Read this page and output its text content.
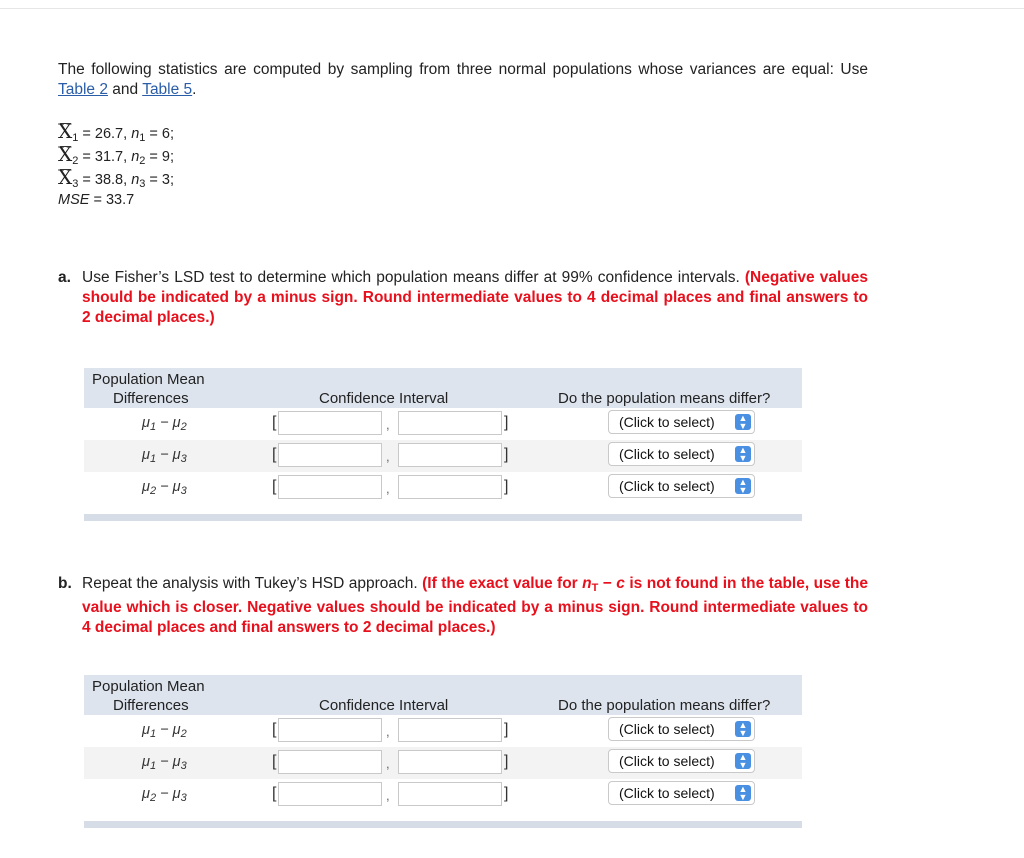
The following statistics are computed by sampling from three normal populations whose variances are equal: Use Table 2 and Table 5.
$X_1 = 26.7$, $n_1 = 6$;
$X_2 = 31.7$, $n_2 = 9$;
$X_3 = 38.8$, $n_3 = 3$;
MSE = 33.7
a. Use Fisher’s LSD test to determine which population means differ at 99% confidence intervals. (Negative values should be indicated by a minus sign. Round intermediate values to 4 decimal places and final answers to 2 decimal places.)
Population Mean
Differences	Confidence Interval	Do the population means differ?
$\mu_1 - \mu_2$	[	,	]	(Click to select)	▲
▼
$\mu_1 - \mu_3$	[	,	]	(Click to select)	▲
▼
$\mu_2 - \mu_3$	[	,	]	(Click to select)	▲
▼
b. Repeat the analysis with Tukey’s HSD approach. (If the exact value for $n_T - c$ is not found in the table, use the value which is closer. Negative values should be indicated by a minus sign. Round intermediate values to 4 decimal places and final answers to 2 decimal places.)
Population Mean
Differences	Confidence Interval	Do the population means differ?
$\mu_1 - \mu_2$	[	,	]	(Click to select)	▲
▼
$\mu_1 - \mu_3$	[	,	]	(Click to select)	▲
▼
$\mu_2 - \mu_3$	[	,	]	(Click to select)	▲
▼
